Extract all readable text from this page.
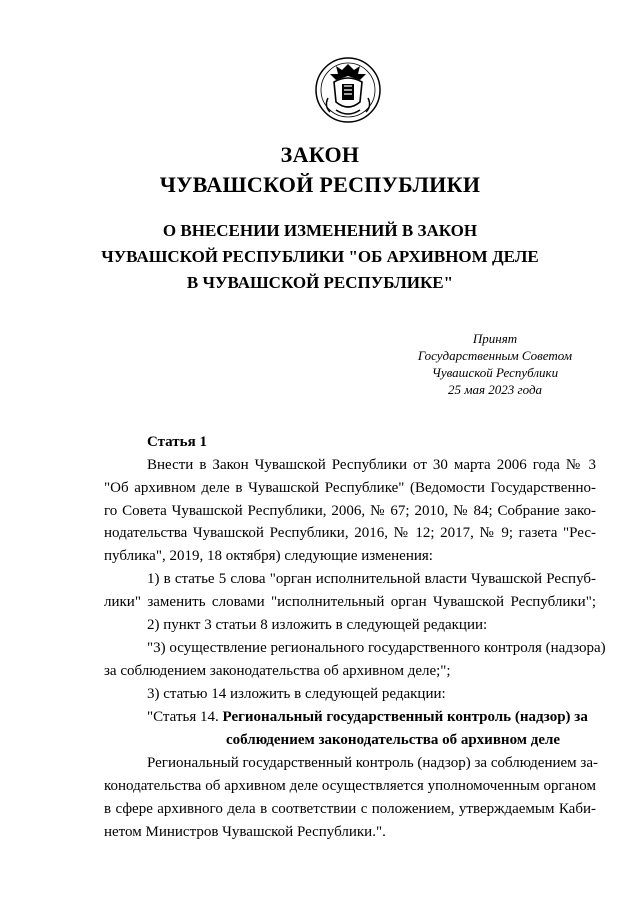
ЗАКОН
ЧУВАШСКОЙ РЕСПУБЛИКИ
О ВНЕСЕНИИ ИЗМЕНЕНИЙ В ЗАКОН
ЧУВАШСКОЙ РЕСПУБЛИКИ "ОБ АРХИВНОМ ДЕЛЕ
В ЧУВАШСКОЙ РЕСПУБЛИКЕ"
Принят
Государственным Советом
Чувашской Республики
25 мая 2023 года
Статья 1
Внести в Закон Чувашской Республики от 30 марта 2006 года № 3
"Об архивном деле в Чувашской Республике" (Ведомости Государственно-
го Совета Чувашской Республики, 2006, № 67; 2010, № 84; Собрание зако-
нодательства Чувашской Республики, 2016, № 12; 2017, № 9; газета "Рес-
публика", 2019, 18 октября) следующие изменения:
1) в статье 5 слова "орган исполнительной власти Чувашской Респуб-
лики" заменить словами "исполнительный орган Чувашской Республики";
2) пункт 3 статьи 8 изложить в следующей редакции:
"3) осуществление регионального государственного контроля (надзора)
за соблюдением законодательства об архивном деле;";
3) статью 14 изложить в следующей редакции:
"Статья 14. Региональный государственный контроль (надзор) за
соблюдением законодательства об архивном деле
Региональный государственный контроль (надзор) за соблюдением за-
конодательства об архивном деле осуществляется уполномоченным органом
в сфере архивного дела в соответствии с положением, утверждаемым Каби-
нетом Министров Чувашской Республики.".
